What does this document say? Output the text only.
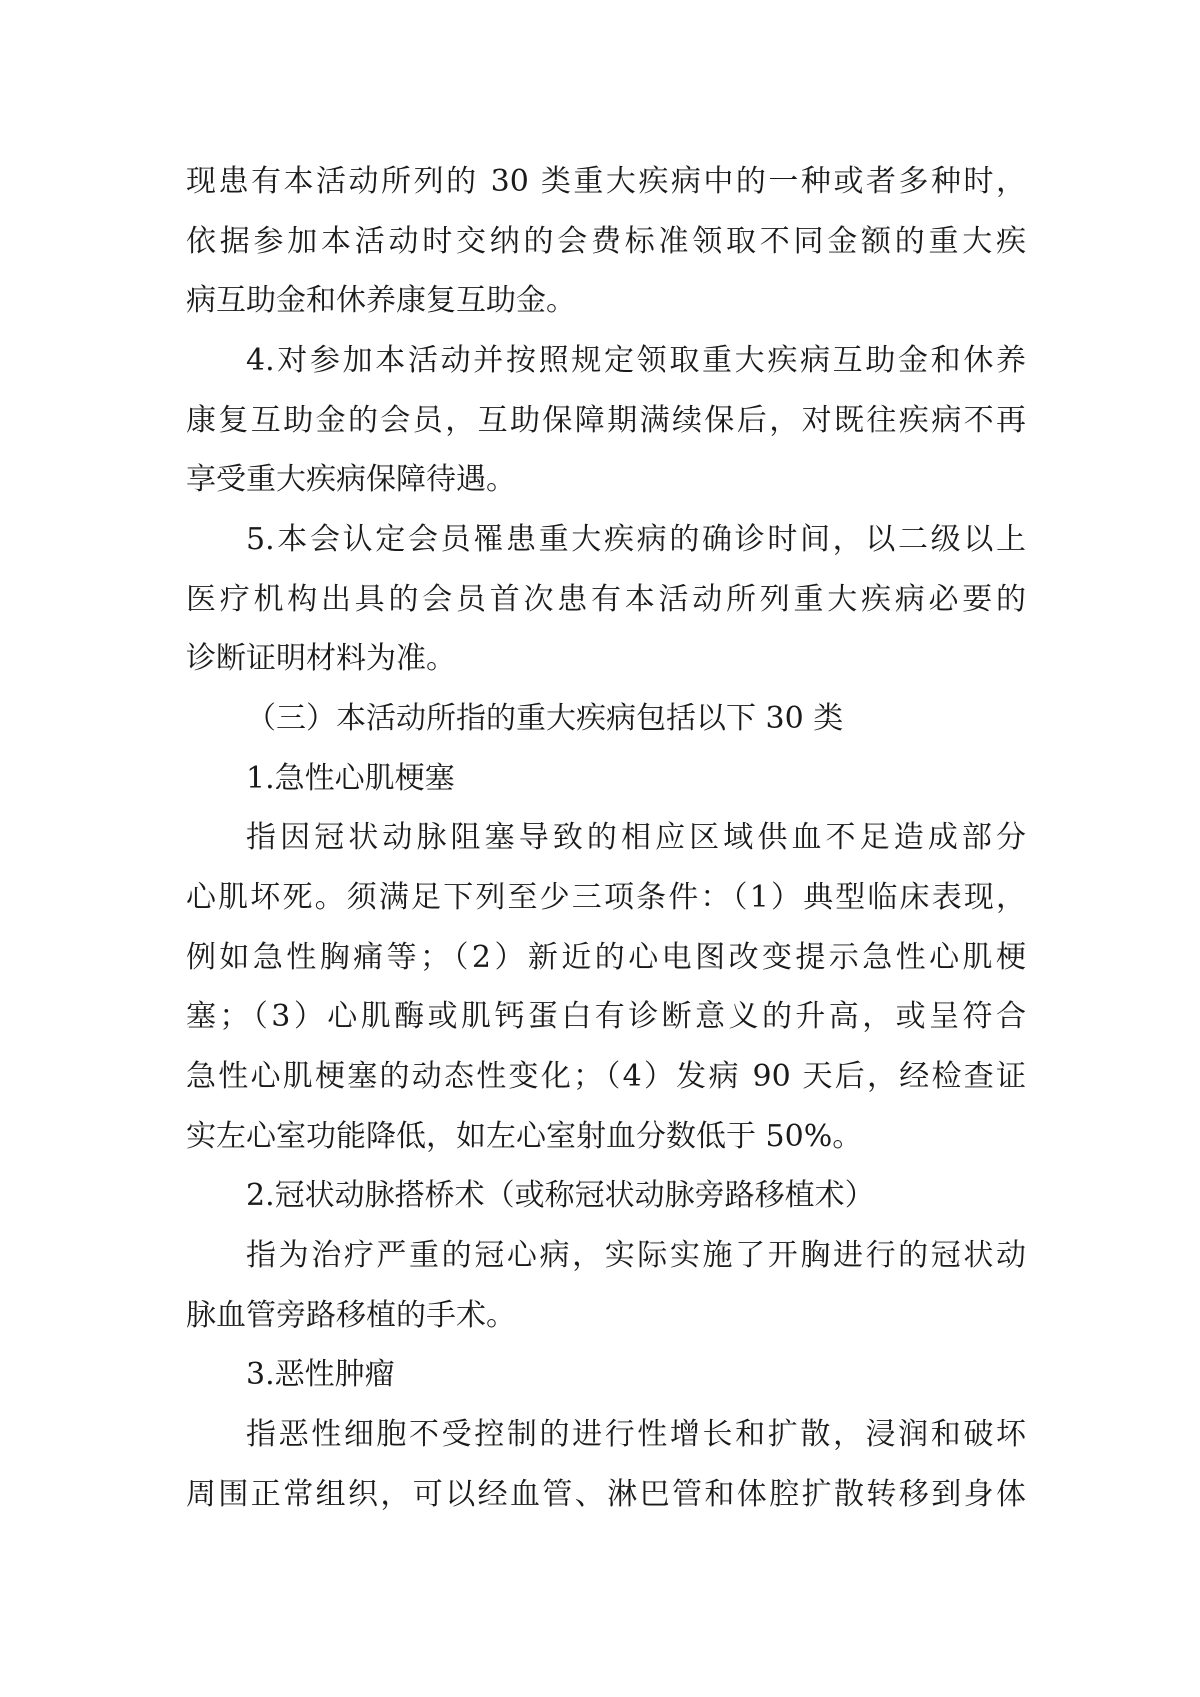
现患有本活动所列的 30 类重大疾病中的一种或者多种时，
依据参加本活动时交纳的会费标准领取不同金额的重大疾
病互助金和休养康复互助金。
4.对参加本活动并按照规定领取重大疾病互助金和休养
康复互助金的会员，互助保障期满续保后，对既往疾病不再
享受重大疾病保障待遇。
5.本会认定会员罹患重大疾病的确诊时间，以二级以上
医疗机构出具的会员首次患有本活动所列重大疾病必要的
诊断证明材料为准。
（三）本活动所指的重大疾病包括以下 30 类
1.急性心肌梗塞
指因冠状动脉阻塞导致的相应区域供血不足造成部分
心肌坏死。须满足下列至少三项条件：（1）典型临床表现，
例如急性胸痛等；（2）新近的心电图改变提示急性心肌梗
塞；（3）心肌酶或肌钙蛋白有诊断意义的升高，或呈符合
急性心肌梗塞的动态性变化；（4）发病 90 天后，经检查证
实左心室功能降低，如左心室射血分数低于 50%。
2.冠状动脉搭桥术（或称冠状动脉旁路移植术）
指为治疗严重的冠心病，实际实施了开胸进行的冠状动
脉血管旁路移植的手术。
3.恶性肿瘤
指恶性细胞不受控制的进行性增长和扩散，浸润和破坏
周围正常组织，可以经血管、淋巴管和体腔扩散转移到身体
